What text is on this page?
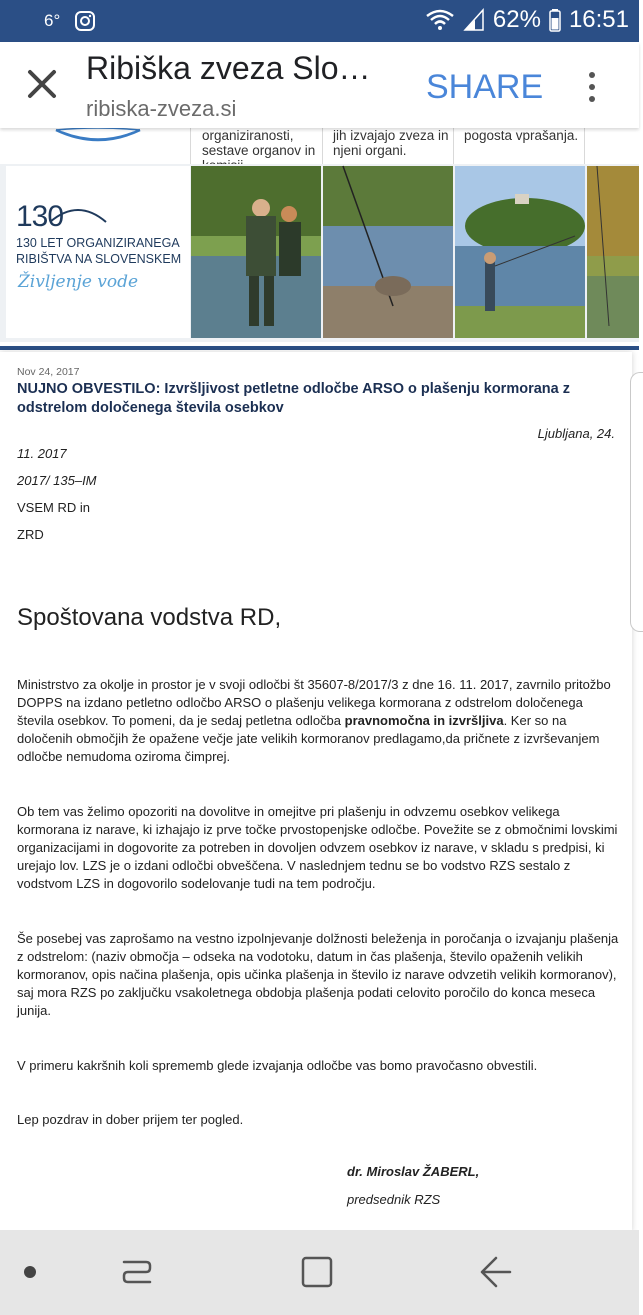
6°	62% 16:51
Ribiška zveza Slo…
ribiska-zveza.si
SHARE
organiziranosti,
sestave organov in

jih izvajajo zveza in
njeni organi.
pogosta vprašanja.
130
130 LET ORGANIZIRANEGA
RIBIŠTVA NA SLOVENSKEM
Življenje vode
Nov 24, 2017
NUJNO OBVESTILO: Izvršljivost petletne odločbe ARSO o plašenju kormorana z odstrelom določenega števila osebkov
Ljubljana, 24.
11. 2017
2017/ 135–IM
VSEM RD in
ZRD
Spoštovana vodstva RD,
Ministrstvo za okolje in prostor je v svoji odločbi št 35607-8/2017/3 z dne 16. 11. 2017, zavrnilo pritožbo DOPPS na izdano petletno odločbo ARSO o plašenju velikega kormorana z odstrelom določenega števila osebkov. To pomeni, da je sedaj petletna odločba pravnomočna in izvršljiva. Ker so na določenih območjih že opažene večje jate velikih kormoranov predlagamo,da pričnete z izvrševanjem odločbe nemudoma oziroma čimprej.
Ob tem vas želimo opozoriti na dovolitve in omejitve pri plašenju in odvzemu osebkov velikega kormorana iz narave, ki izhajajo iz prve točke prvostopenjske odločbe. Povežite se z območnimi lovskimi organizacijami in dogovorite za potreben in dovoljen odvzem osebkov iz narave, v skladu s predpisi, ki urejajo lov. LZS je o izdani odločbi obveščena. V naslednjem tednu se bo vodstvo RZS sestalo z vodstvom LZS in dogovorilo sodelovanje tudi na tem področju.
Še posebej vas zaprošamo na vestno izpolnjevanje dolžnosti beleženja in poročanja o izvajanju plašenja z odstrelom: (naziv območja – odseka na vodotoku, datum in čas plašenja, število opaženih velikih kormoranov, opis načina plašenja, opis učinka plašenja in število iz narave odvzetih velikih kormoranov), saj mora RZS po zaključku vsakoletnega obdobja plašenja podati celovito poročilo do konca meseca junija.
V primeru kakršnih koli sprememb glede izvajanja odločbe vas bomo pravočasno obvestili.
Lep pozdrav in dober prijem ter pogled.
dr. Miroslav ŽABERL,
predsednik RZS
